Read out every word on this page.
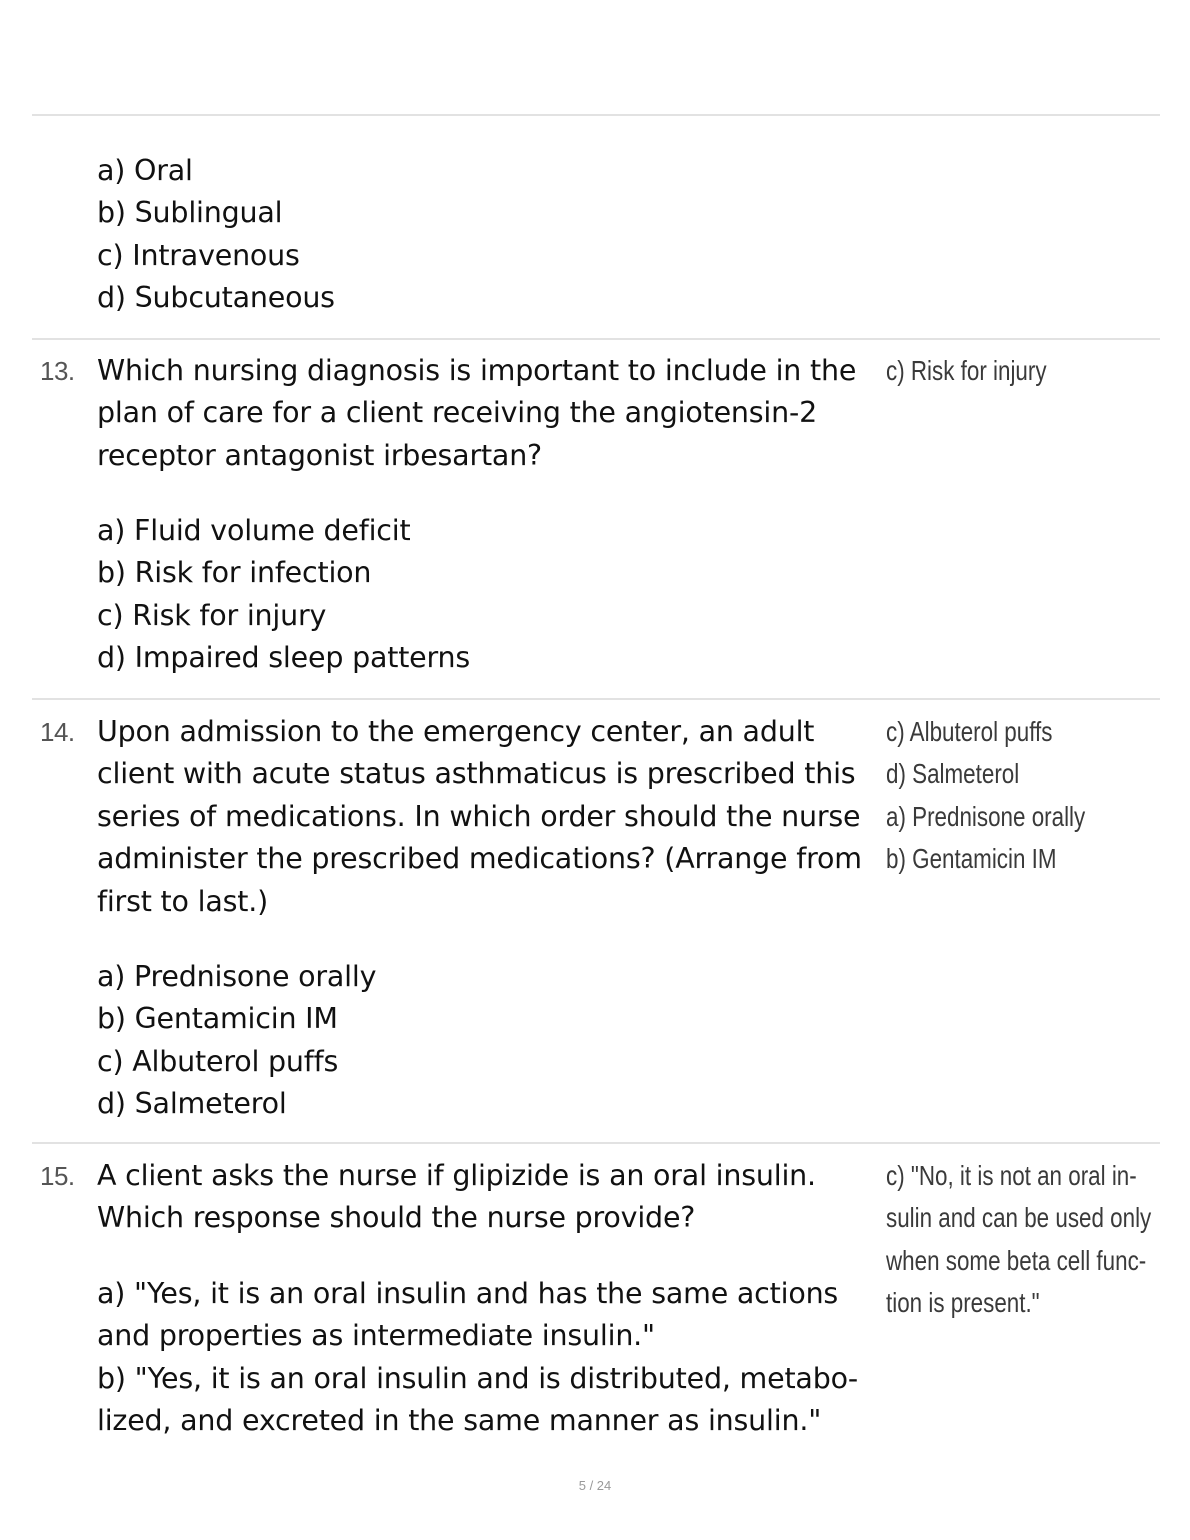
a) Oral
b) Sublingual
c) Intravenous
d) Subcutaneous
13. Which nursing diagnosis is important to include in the plan of care for a client receiving the angiotensin-2 receptor antagonist irbesartan?
c) Risk for injury
a) Fluid volume deficit
b) Risk for infection
c) Risk for injury
d) Impaired sleep patterns
14. Upon admission to the emergency center, an adult client with acute status asthmaticus is prescribed this series of medications. In which order should the nurse administer the prescribed medications? (Arrange from first to last.)
c) Albuterol puffs
d) Salmeterol
a) Prednisone orally
b) Gentamicin IM
a) Prednisone orally
b) Gentamicin IM
c) Albuterol puffs
d) Salmeterol
15. A client asks the nurse if glipizide is an oral insulin. Which response should the nurse provide?
c) "No, it is not an oral in-
sulin and can be used only
when some beta cell func-
tion is present."
a) "Yes, it is an oral insulin and has the same actions and properties as intermediate insulin."
b) "Yes, it is an oral insulin and is distributed, metabolized, and excreted in the same manner as insulin."
5 / 24
